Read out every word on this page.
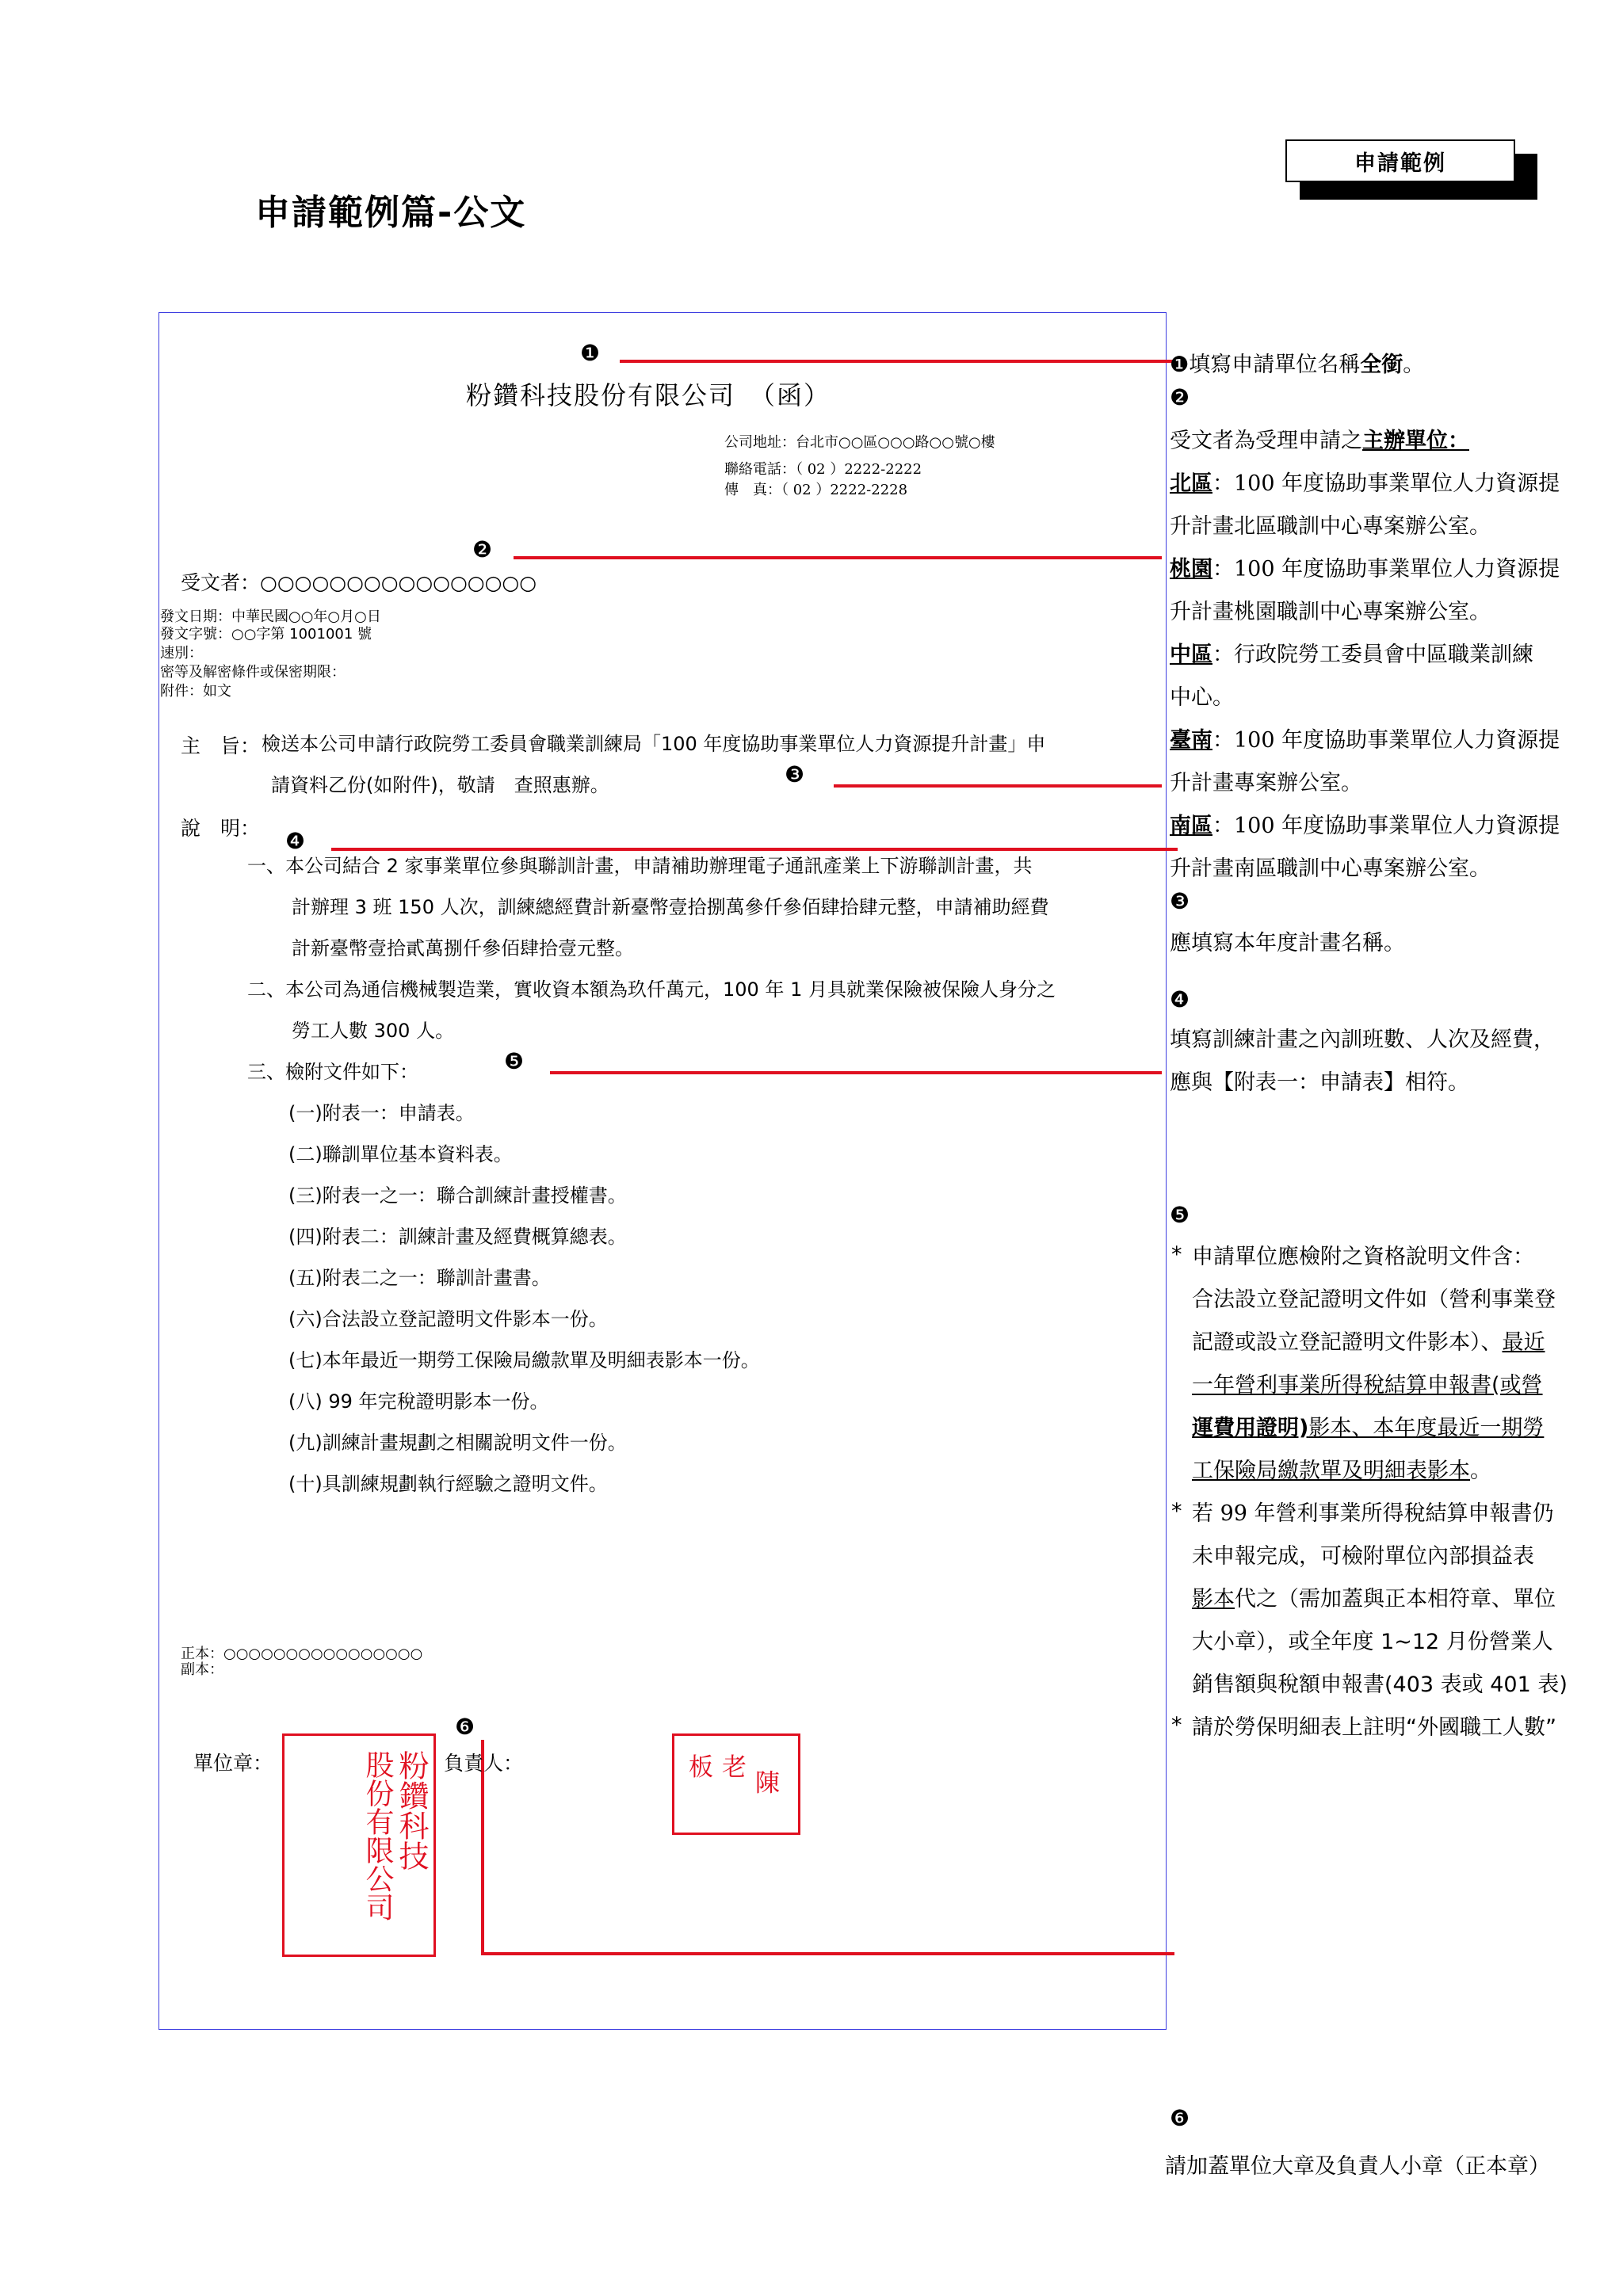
申請範例
申請範例篇-公文
❶
❷
❸
❹
❺
❻
粉鑽科技股份有限公司　（函）
公司地址：台北市○○區○○○路○○號○樓
聯絡電話：（ 02 ）2222-2222
傳　真：（ 02 ）2222-2228
受文者：○○○○○○○○○○○○○○○○
發文日期：中華民國○○年○月○日
發文字號：○○字第 1001001 號
速別：
密等及解密條件或保密期限：
附件：如文
主　旨： 檢送本公司申請行政院勞工委員會職業訓練局「100 年度協助事業單位人力資源提升計畫」申
請資料乙份(如附件)，敬請　查照惠辦。
說　明：
一、本公司結合 2 家事業單位參與聯訓計畫，申請補助辦理電子通訊產業上下游聯訓計畫，共
計辦理 3 班 150 人次，訓練總經費計新臺幣壹拾捌萬參仟參佰肆拾肆元整，申請補助經費
計新臺幣壹拾貳萬捌仟參佰肆拾壹元整。
二、本公司為通信機械製造業，實收資本額為玖仟萬元，100 年 1 月具就業保險被保險人身分之
勞工人數 300 人。
三、檢附文件如下：
(一)附表一：申請表。
(二)聯訓單位基本資料表。
(三)附表一之一：聯合訓練計畫授權書。
(四)附表二：訓練計畫及經費概算總表。
(五)附表二之一：聯訓計畫書。
(六)合法設立登記證明文件影本一份。
(七)本年最近一期勞工保險局繳款單及明細表影本一份。
(八) 99 年完稅證明影本一份。
(九)訓練計畫規劃之相關說明文件一份。
(十)具訓練規劃執行經驗之證明文件。
正本：○○○○○○○○○○○○○○○○
副本：
單位章：	粉鑽科技
股份有限公司	負責人：	板 老
陳
❶填寫申請單位名稱全銜。
❷
受文者為受理申請之主辦單位：
北區：100 年度協助事業單位人力資源提
升計畫北區職訓中心專案辦公室。
桃園：100 年度協助事業單位人力資源提
升計畫桃園職訓中心專案辦公室。
中區：行政院勞工委員會中區職業訓練
中心。
臺南：100 年度協助事業單位人力資源提
升計畫專案辦公室。
南區：100 年度協助事業單位人力資源提
升計畫南區職訓中心專案辦公室。
❸
應填寫本年度計畫名稱。
❹
填寫訓練計畫之內訓班數、人次及經費，
應與【附表一：申請表】相符。
❺
* 申請單位應檢附之資格說明文件含：
合法設立登記證明文件如（營利事業登
記證或設立登記證明文件影本）、最近
一年營利事業所得稅結算申報書(或營
運費用證明)影本、本年度最近一期勞
工保險局繳款單及明細表影本。
* 若 99 年營利事業所得稅結算申報書仍
未申報完成，可檢附單位內部損益表
影本代之（需加蓋與正本相符章、單位
大小章），或全年度 1~12 月份營業人
銷售額與稅額申報書(403 表或 401 表)
* 請於勞保明細表上註明“外國職工人數”
❻
請加蓋單位大章及負責人小章（正本章）
